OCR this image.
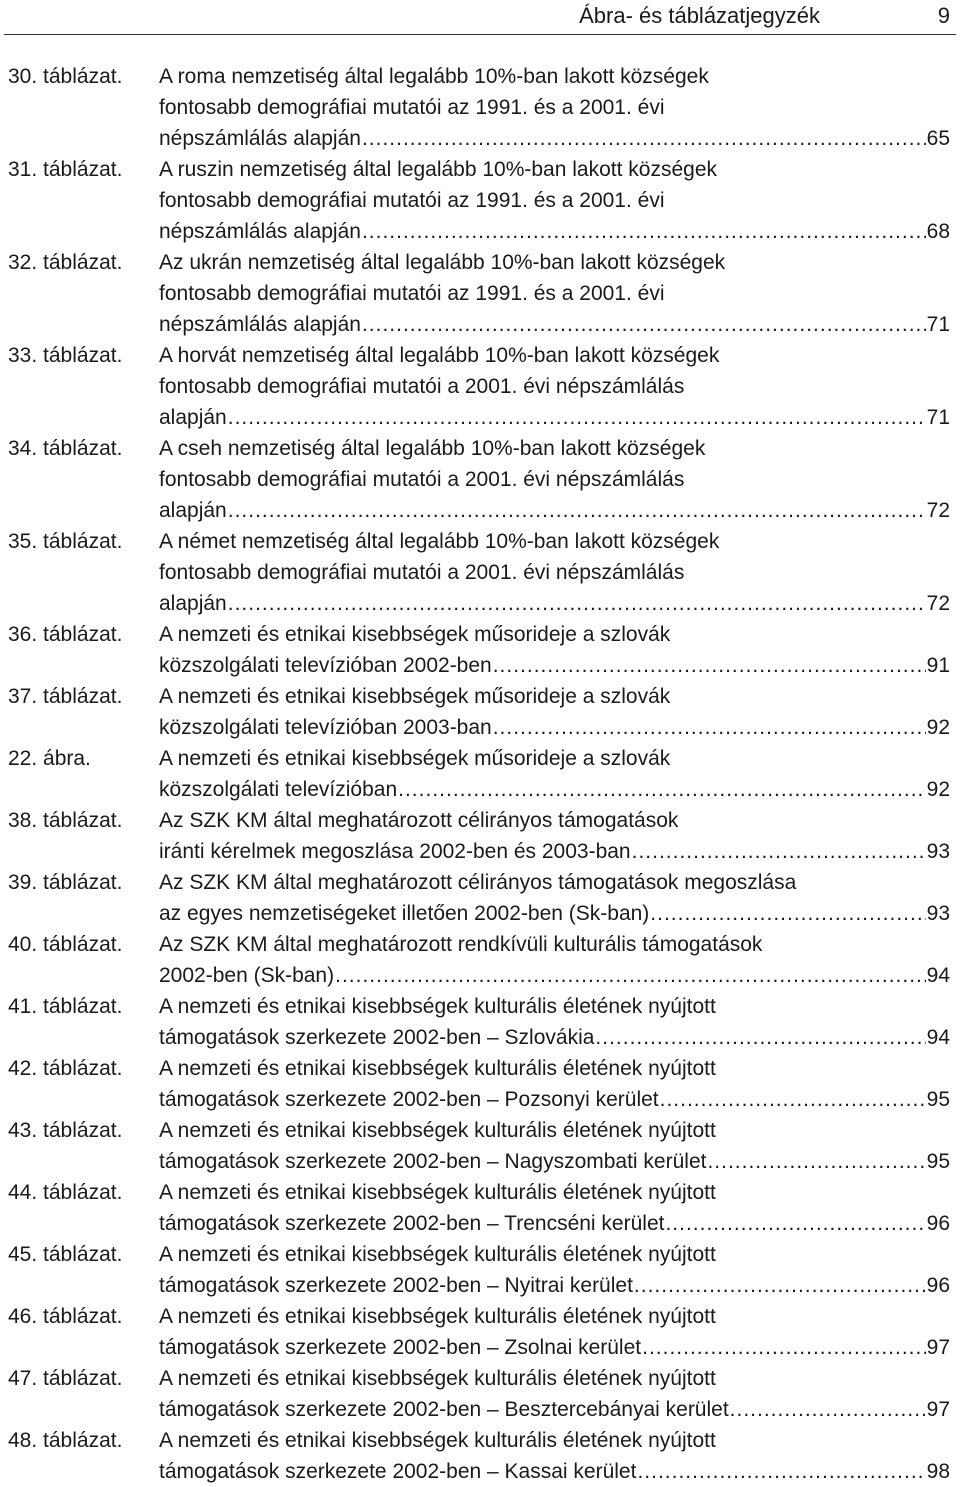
Ábra- és táblázatjegyzék	9
30. táblázat.	A roma nemzetiség által legalább 10%-ban lakott községek
fontosabb demográfiai mutatói az 1991. és a 2001. évi
népszámlálás alapján .....	65
31. táblázat.	A ruszin nemzetiség által legalább 10%-ban lakott községek
fontosabb demográfiai mutatói az 1991. és a 2001. évi
népszámlálás alapján .....	68
32. táblázat.	Az ukrán nemzetiség által legalább 10%-ban lakott községek
fontosabb demográfiai mutatói az 1991. és a 2001. évi
népszámlálás alapján .....	71
33. táblázat.	A horvát nemzetiség által legalább 10%-ban lakott községek
fontosabb demográfiai mutatói a 2001. évi népszámlálás
alapján .....	71
34. táblázat.	A cseh nemzetiség által legalább 10%-ban lakott községek
fontosabb demográfiai mutatói a 2001. évi népszámlálás
alapján .....	72
35. táblázat.	A német nemzetiség által legalább 10%-ban lakott községek
fontosabb demográfiai mutatói a 2001. évi népszámlálás
alapján .....	72
36. táblázat.	A nemzeti és etnikai kisebbségek műsorideje a szlovák
közszolgálati televízióban 2002-ben .....	91
37. táblázat.	A nemzeti és etnikai kisebbségek műsorideje a szlovák
közszolgálati televízióban 2003-ban .....	92
22. ábra.	A nemzeti és etnikai kisebbségek műsorideje a szlovák
közszolgálati televízióban .....	92
38. táblázat.	Az SZK KM által meghatározott célirányos támogatások
iránti kérelmek megoszlása 2002-ben és 2003-ban .....	93
39. táblázat.	Az SZK KM által meghatározott célirányos támogatások megoszlása
az egyes nemzetiségeket illetően 2002-ben (Sk-ban) .....	93
40. táblázat.	Az SZK KM által meghatározott rendkívüli kulturális támogatások
2002-ben (Sk-ban) .....	94
41. táblázat.	A nemzeti és etnikai kisebbségek kulturális életének nyújtott
támogatások szerkezete 2002-ben – Szlovákia .....	94
42. táblázat.	A nemzeti és etnikai kisebbségek kulturális életének nyújtott
támogatások szerkezete 2002-ben – Pozsonyi kerület .....	95
43. táblázat.	A nemzeti és etnikai kisebbségek kulturális életének nyújtott
támogatások szerkezete 2002-ben – Nagyszombati kerület .....	95
44. táblázat.	A nemzeti és etnikai kisebbségek kulturális életének nyújtott
támogatások szerkezete 2002-ben – Trencséni kerület .....	96
45. táblázat.	A nemzeti és etnikai kisebbségek kulturális életének nyújtott
támogatások szerkezete 2002-ben – Nyitrai kerület .....	96
46. táblázat.	A nemzeti és etnikai kisebbségek kulturális életének nyújtott
támogatások szerkezete 2002-ben – Zsolnai kerület .....	97
47. táblázat.	A nemzeti és etnikai kisebbségek kulturális életének nyújtott
támogatások szerkezete 2002-ben – Besztercebányai kerület .....	97
48. táblázat.	A nemzeti és etnikai kisebbségek kulturális életének nyújtott
támogatások szerkezete 2002-ben – Kassai kerület .....	98
